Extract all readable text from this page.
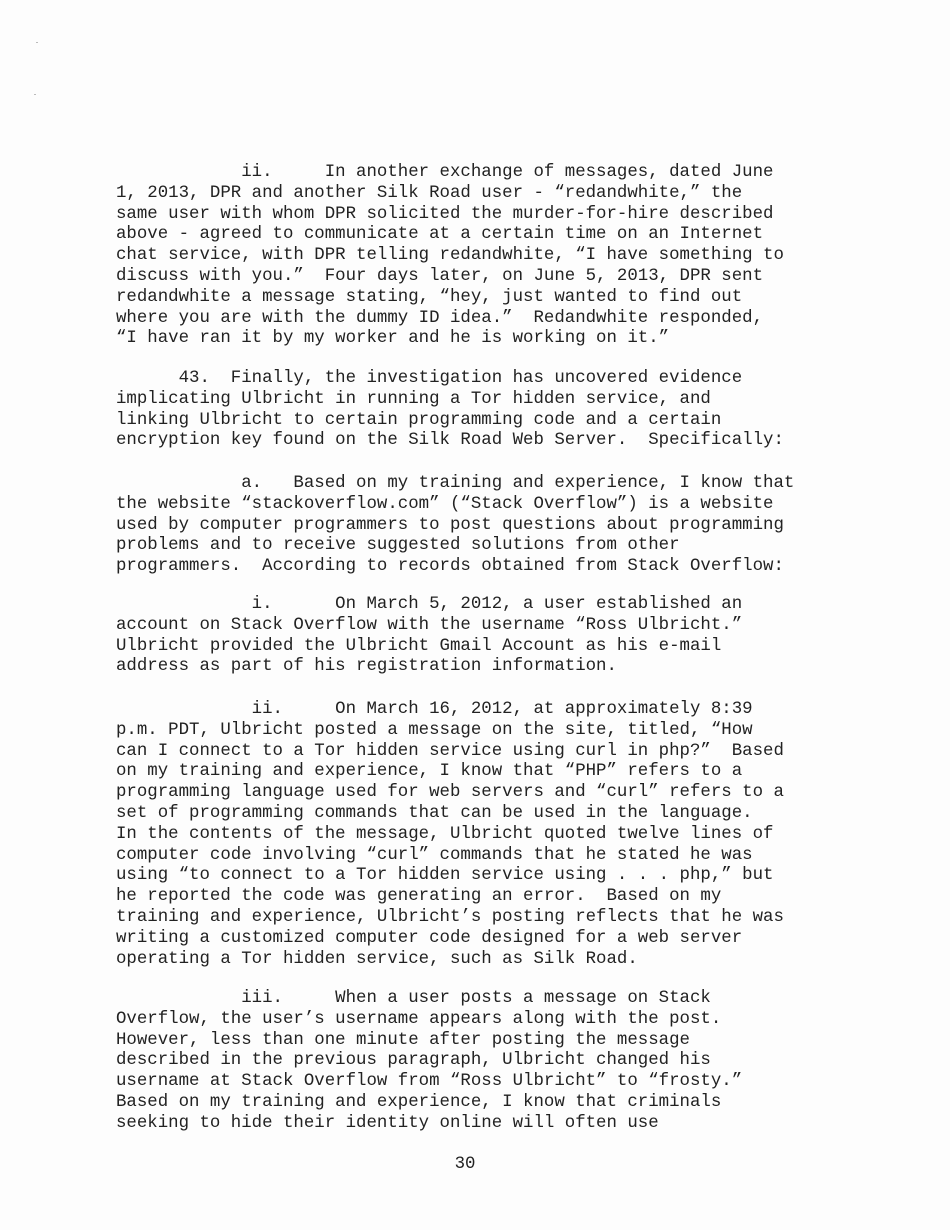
ii.     In another exchange of messages, dated June
1, 2013, DPR and another Silk Road user - “redandwhite,” the
same user with whom DPR solicited the murder-for-hire described
above - agreed to communicate at a certain time on an Internet
chat service, with DPR telling redandwhite, “I have something to
discuss with you.”  Four days later, on June 5, 2013, DPR sent
redandwhite a message stating, “hey, just wanted to find out
where you are with the dummy ID idea.”  Redandwhite responded,
“I have ran it by my worker and he is working on it.”

43.  Finally, the investigation has uncovered evidence
implicating Ulbricht in running a Tor hidden service, and
linking Ulbricht to certain programming code and a certain
encryption key found on the Silk Road Web Server.  Specifically:

a.   Based on my training and experience, I know that
the website “stackoverflow.com” (“Stack Overflow”) is a website
used by computer programmers to post questions about programming
problems and to receive suggested solutions from other
programmers.  According to records obtained from Stack Overflow:

i.      On March 5, 2012, a user established an
account on Stack Overflow with the username “Ross Ulbricht.”
Ulbricht provided the Ulbricht Gmail Account as his e-mail
address as part of his registration information.

ii.     On March 16, 2012, at approximately 8:39
p.m. PDT, Ulbricht posted a message on the site, titled, “How
can I connect to a Tor hidden service using curl in php?”  Based
on my training and experience, I know that “PHP” refers to a
programming language used for web servers and “curl” refers to a
set of programming commands that can be used in the language.
In the contents of the message, Ulbricht quoted twelve lines of
computer code involving “curl” commands that he stated he was
using “to connect to a Tor hidden service using . . . php,” but
he reported the code was generating an error.  Based on my
training and experience, Ulbricht’s posting reflects that he was
writing a customized computer code designed for a web server
operating a Tor hidden service, such as Silk Road.

iii.     When a user posts a message on Stack
Overflow, the user’s username appears along with the post.
However, less than one minute after posting the message
described in the previous paragraph, Ulbricht changed his
username at Stack Overflow from “Ross Ulbricht” to “frosty.”
Based on my training and experience, I know that criminals
seeking to hide their identity online will often use

30
